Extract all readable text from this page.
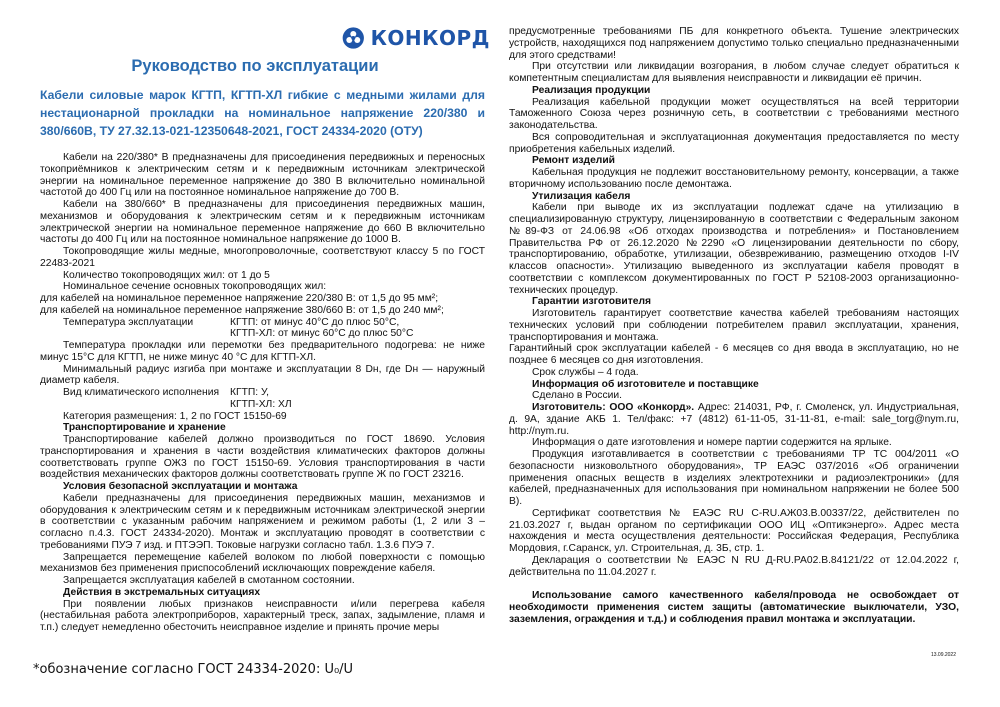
КОНКОРД
Руководство по эксплуатации
Кабели силовые марок КГТП, КГТП-ХЛ гибкие с медными жилами для нестационарной прокладки на номинальное напряжение 220/380 и 380/660В, ТУ 27.32.13-021-12350648-2021, ГОСТ 24334-2020 (ОТУ)

Кабели на 220/380* В предназначены для присоединения передвижных и переносных токоприёмников к электрическим сетям и к передвижным источникам электрической энергии на номинальное переменное напряжение до 380 В включительно номинальной частотой до 400 Гц или на постоянное номинальное напряжение до 700 В.

Кабели на 380/660* В предназначены для присоединения передвижных машин, механизмов и оборудования к электрическим сетям и к передвижным источникам электрической энергии на номинальное переменное напряжение до 660 В включительно частоты до 400 Гц или на постоянное номинальное напряжение до 1000 В.

Токопроводящие жилы медные, многопроволочные, соответствуют классу 5 по ГОСТ 22483-2021

Количество токопроводящих жил: от 1 до 5

Номинальное сечение основных токопроводящих жил:

для кабелей на номинальное переменное напряжение 220/380 В: от 1,5 до 95 мм²;

для кабелей на номинальное переменное напряжение 380/660 В: от 1,5 до 240 мм²;

Температура эксплуатации	КГТП: от минус 40°С до плюс 50°С,
КГТП-ХЛ: от минус 60°С до плюс 50°С

Температура прокладки или перемотки без предварительного подогрева: не ниже минус 15°С для КГТП, не ниже минус 40 °С для КГТП-ХЛ.

Минимальный радиус изгиба при монтаже и эксплуатации 8 Dн, где Dн — наружный диаметр кабеля.

Вид климатического исполнения	КГТП: У,
КГТП-ХЛ: ХЛ

Категория размещения: 1, 2 по ГОСТ 15150-69

Транспортирование и хранение

Транспортирование кабелей должно производиться по ГОСТ 18690. Условия транспортирования и хранения в части воздействия климатических факторов должны соответствовать группе ОЖ3 по ГОСТ 15150-69. Условия транспортирования в части воздействия механических факторов должны соответствовать группе Ж по ГОСТ 23216.

Условия безопасной эксплуатации и монтажа

Кабели предназначены для присоединения передвижных машин, механизмов и оборудования к электрическим сетям и к передвижным источникам электрической энергии в соответствии с указанным рабочим напряжением и режимом работы (1, 2 или 3 – согласно п.4.3. ГОСТ 24334-2020). Монтаж и эксплуатацию проводят в соответствии с требованиями ПУЭ 7 изд. и ПТЭЭП. Токовые нагрузки согласно табл. 1.3.6 ПУЭ 7.

Запрещается перемещение кабелей волоком по любой поверхности с помощью механизмов без применения приспособлений исключающих повреждение кабеля.

Запрещается эксплуатация кабелей в смотанном состоянии.

Действия в экстремальных ситуациях

При появлении любых признаков неисправности и/или перегрева кабеля (нестабильная работа электроприборов, характерный треск, запах, задымление, пламя и т.п.) следует немедленно обесточить неисправное изделие и принять прочие меры

предусмотренные требованиями ПБ для конкретного объекта. Тушение электрических устройств, находящихся под напряжением допустимо только специально предназначенными для этого средствами!

При отсутствии или ликвидации возгорания, в любом случае следует обратиться к компетентным специалистам для выявления неисправности и ликвидации её причин.

Реализация продукции

Реализация кабельной продукции может осуществляться на всей территории Таможенного Союза через розничную сеть, в соответствии с требованиями местного законодательства.

Вся сопроводительная и эксплуатационная документация предоставляется по месту приобретения кабельных изделий.

Ремонт изделий

Кабельная продукция не подлежит восстановительному ремонту, консервации, а также вторичному использованию после демонтажа.

Утилизация кабеля

Кабели при выводе их из эксплуатации подлежат сдаче на утилизацию в специализированную структуру, лицензированную в соответствии с Федеральным законом №89-ФЗ от 24.06.98 «Об отходах производства и потребления» и Постановлением Правительства РФ от 26.12.2020 №2290 «О лицензировании деятельности по сбору, транспортированию, обработке, утилизации, обезвреживанию, размещению отходов I-IV классов опасности». Утилизацию выведенного из эксплуатации кабеля проводят в соответствии с комплексом документированных по ГОСТ Р 52108-2003 организационно-технических процедур.

Гарантии изготовителя

Изготовитель гарантирует соответствие качества кабелей требованиям настоящих технических условий при соблюдении потребителем правил эксплуатации, хранения, транспортирования и монтажа.

Гарантийный срок эксплуатации кабелей - 6 месяцев со дня ввода в эксплуатацию, но не позднее 6 месяцев со дня изготовления.

Срок службы – 4 года.

Информация об изготовителе и поставщике

Сделано в России.

Изготовитель: ООО «Конкорд». Адрес: 214031, РФ, г. Смоленск, ул. Индустриальная, д. 9А, здание АКБ 1. Тел/факс: +7 (4812) 61-11-05, 31-11-81, e-mail: sale_torg@nym.ru, http://nym.ru.

Информация о дате изготовления и номере партии содержится на ярлыке.

Продукция изготавливается в соответствии с требованиями ТР ТС 004/2011 «О безопасности низковольтного оборудования», ТР ЕАЭС 037/2016 «Об ограничении применения опасных веществ в изделиях электротехники и радиоэлектроники» (для кабелей, предназначенных для использования при номинальном напряжении не более 500 В).

Сертификат соответствия № ЕАЭС RU C-RU.АЖ03.В.00337/22, действителен по 21.03.2027 г, выдан органом по сертификации ООО ИЦ «Оптикэнерго». Адрес места нахождения и места осуществления деятельности: Российская Федерация, Республика Мордовия, г.Саранск, ул. Строительная, д. 3Б, стр. 1.

Декларация о соответствии № ЕАЭС N RU Д-RU.РА02.В.84121/22 от 12.04.2022 г, действительна по 11.04.2027 г.

Использование самого качественного кабеля/провода не освобождает от необходимости применения систем защиты (автоматические выключатели, УЗО, заземления, ограждения и т.д.) и соблюдения правил монтажа и эксплуатации.

13.09.2022
*обозначение согласно ГОСТ 24334-2020: U₀/U
